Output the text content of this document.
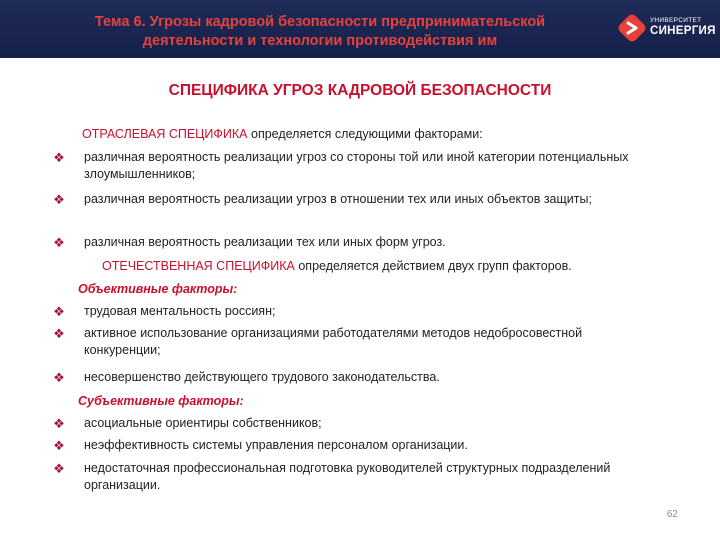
Тема 6. Угрозы кадровой безопасности предпринимательской деятельности и технологии противодействия им
УНИВЕРСИТЕТ
СИНЕРГИЯ
СПЕЦИФИКА УГРОЗ КАДРОВОЙ БЕЗОПАСНОСТИ
ОТРАСЛЕВАЯ СПЕЦИФИКА определяется следующими факторами:
❖ различная вероятность реализации угроз со стороны той или иной категории потенциальных злоумышленников;
❖ различная вероятность реализации угроз в отношении тех или иных объектов защиты;
❖ различная вероятность реализации тех или иных форм угроз.
ОТЕЧЕСТВЕННАЯ СПЕЦИФИКА определяется действием двух групп факторов.
Объективные факторы:
❖ трудовая ментальность россиян;
❖ активное использование организациями работодателями методов недобросовестной конкуренции;
❖ несовершенство действующего трудового законодательства.
Субъективные факторы:
❖ асоциальные ориентиры собственников;
❖ неэффективность системы управления персоналом организации.
❖ недостаточная профессиональная подготовка руководителей структурных подразделений организации.
62
